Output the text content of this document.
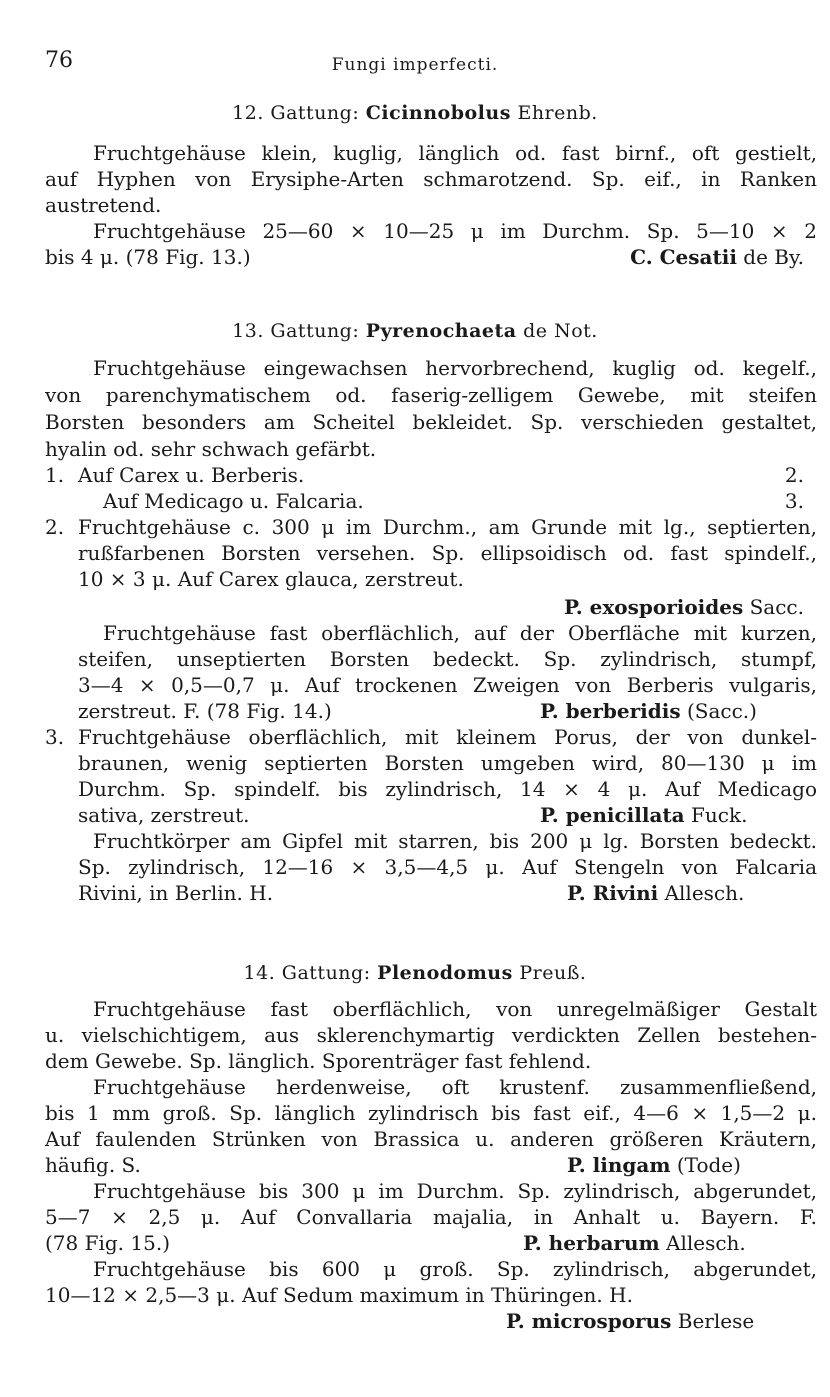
76	Fungi imperfecti.
12. Gattung: Cicinnobolus Ehrenb.
Fruchtgehäuse klein, kuglig, länglich od. fast birnf., oft gestielt,
auf Hyphen von Erysiphe-Arten schmarotzend. Sp. eif., in Ranken
austretend.
Fruchtgehäuse 25—60 × 10—25 μ im Durchm. Sp. 5—10 × 2
bis 4 μ. (78 Fig. 13.)	C. Cesatii de By.
13. Gattung: Pyrenochaeta de Not.
Fruchtgehäuse eingewachsen hervorbrechend, kuglig od. kegelf.,
von parenchymatischem od. faserig-zelligem Gewebe, mit steifen
Borsten besonders am Scheitel bekleidet. Sp. verschieden gestaltet,
hyalin od. sehr schwach gefärbt.
1. Auf Carex u. Berberis.	2.
Auf Medicago u. Falcaria.	3.
2. Fruchtgehäuse c. 300 μ im Durchm., am Grunde mit lg., septierten,
rußfarbenen Borsten versehen. Sp. ellipsoidisch od. fast spindelf.,
10 × 3 μ. Auf Carex glauca, zerstreut.
P. exosporioides Sacc.
Fruchtgehäuse fast oberflächlich, auf der Oberfläche mit kurzen,
steifen, unseptierten Borsten bedeckt. Sp. zylindrisch, stumpf,
3—4 × 0,5—0,7 μ. Auf trockenen Zweigen von Berberis vulgaris,
zerstreut. F. (78 Fig. 14.)	P. berberidis (Sacc.)
3. Fruchtgehäuse oberflächlich, mit kleinem Porus, der von dunkel-
braunen, wenig septierten Borsten umgeben wird, 80—130 μ im
Durchm. Sp. spindelf. bis zylindrisch, 14 × 4 μ. Auf Medicago
sativa, zerstreut.	P. penicillata Fuck.
Fruchtkörper am Gipfel mit starren, bis 200 μ lg. Borsten bedeckt.
Sp. zylindrisch, 12—16 × 3,5—4,5 μ. Auf Stengeln von Falcaria
Rivini, in Berlin. H.	P. Rivini Allesch.
14. Gattung: Plenodomus Preuß.
Fruchtgehäuse fast oberflächlich, von unregelmäßiger Gestalt
u. vielschichtigem, aus sklerenchymartig verdickten Zellen bestehen-
dem Gewebe. Sp. länglich. Sporenträger fast fehlend.
Fruchtgehäuse herdenweise, oft krustenf. zusammenfließend,
bis 1 mm groß. Sp. länglich zylindrisch bis fast eif., 4—6 × 1,5—2 μ.
Auf faulenden Strünken von Brassica u. anderen größeren Kräutern,
häufig. S.	P. lingam (Tode)
Fruchtgehäuse bis 300 μ im Durchm. Sp. zylindrisch, abgerundet,
5—7 × 2,5 μ. Auf Convallaria majalia, in Anhalt u. Bayern. F.
(78 Fig. 15.)	P. herbarum Allesch.
Fruchtgehäuse bis 600 μ groß. Sp. zylindrisch, abgerundet,
10—12 × 2,5—3 μ. Auf Sedum maximum in Thüringen. H.
P. microsporus Berlese
